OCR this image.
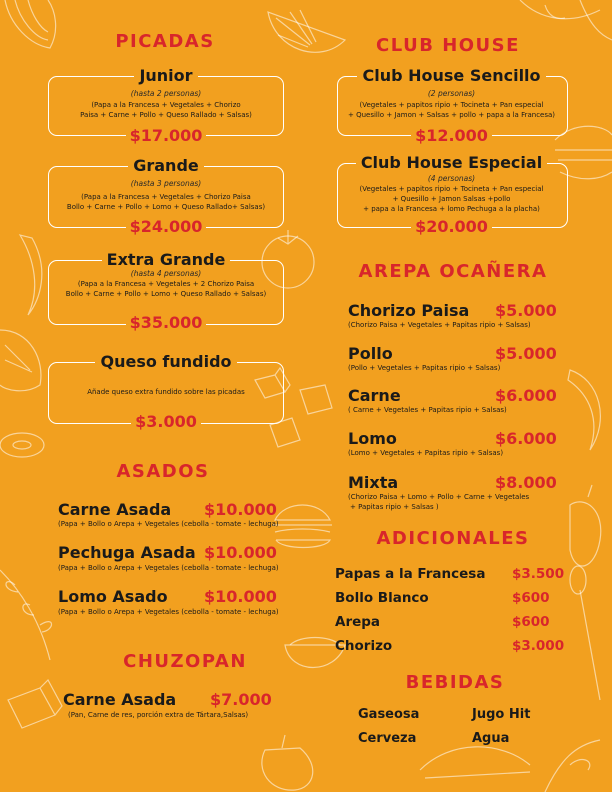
PICADAS
Junior
(hasta 2 personas)
(Papa a la Francesa + Vegetales + Chorizo
Paisa + Carne + Pollo + Queso Rallado + Salsas)
$17.000
Grande
(hasta 3 personas)
(Papa a la Francesa + Vegetales + Chorizo Paisa
Bollo + Carne + Pollo + Lomo + Queso Rallado+ Salsas)
$24.000
Extra Grande
(hasta 4 personas)
(Papa a la Francesa + Vegetales + 2 Chorizo Paisa
Bollo + Carne + Pollo + Lomo + Queso Rallado + Salsas)
$35.000
Queso fundido
Añade queso extra fundido sobre las picadas
$3.000
ASADOS
Carne Asada $10.000
(Papa + Bollo o Arepa + Vegetales (cebolla - tomate - lechuga)
Pechuga Asada $10.000
(Papa + Bollo o Arepa + Vegetales (cebolla - tomate - lechuga)
Lomo Asado $10.000
(Papa + Bollo o Arepa + Vegetales (cebolla - tomate - lechuga)
CHUZOPAN
Carne Asada $7.000
(Pan, Carne de res, porción extra de Tártara,Salsas)
CLUB HOUSE
Club House Sencillo
(2 personas)
(Vegetales + papitos ripio + Tocineta + Pan especial
+ Quesillo + Jamon + Salsas + pollo + papa a la Francesa)
$12.000
Club House Especial
(4 personas)
(Vegetales + papitos ripio + Tocineta + Pan especial
+ Quesillo + Jamon Salsas +pollo
+ papa a la Francesa + lomo Pechuga a la placha)
$20.000
AREPA OCAÑERA
Chorizo Paisa $5.000
(Chorizo Paisa + Vegetales + Papitas ripio + Salsas)
Pollo	$5.000
(Pollo + Vegetales + Papitas ripio + Salsas)
Carne	$6.000
( Carne + Vegetales + Papitas ripio + Salsas)
Lomo	$6.000
(Lomo + Vegetales + Papitas ripio + Salsas)
Mixta	$8.000
(Chorizo Paisa + Lomo + Pollo + Carne + Vegetales
+ Papitas ripio + Salsas )
ADICIONALES
Papas a la Francesa $3.500
Bollo Blanco	$600
Arepa	$600
Chorizo	$3.000
BEBIDAS
Gaseosa	Jugo Hit
Cerveza	Agua
